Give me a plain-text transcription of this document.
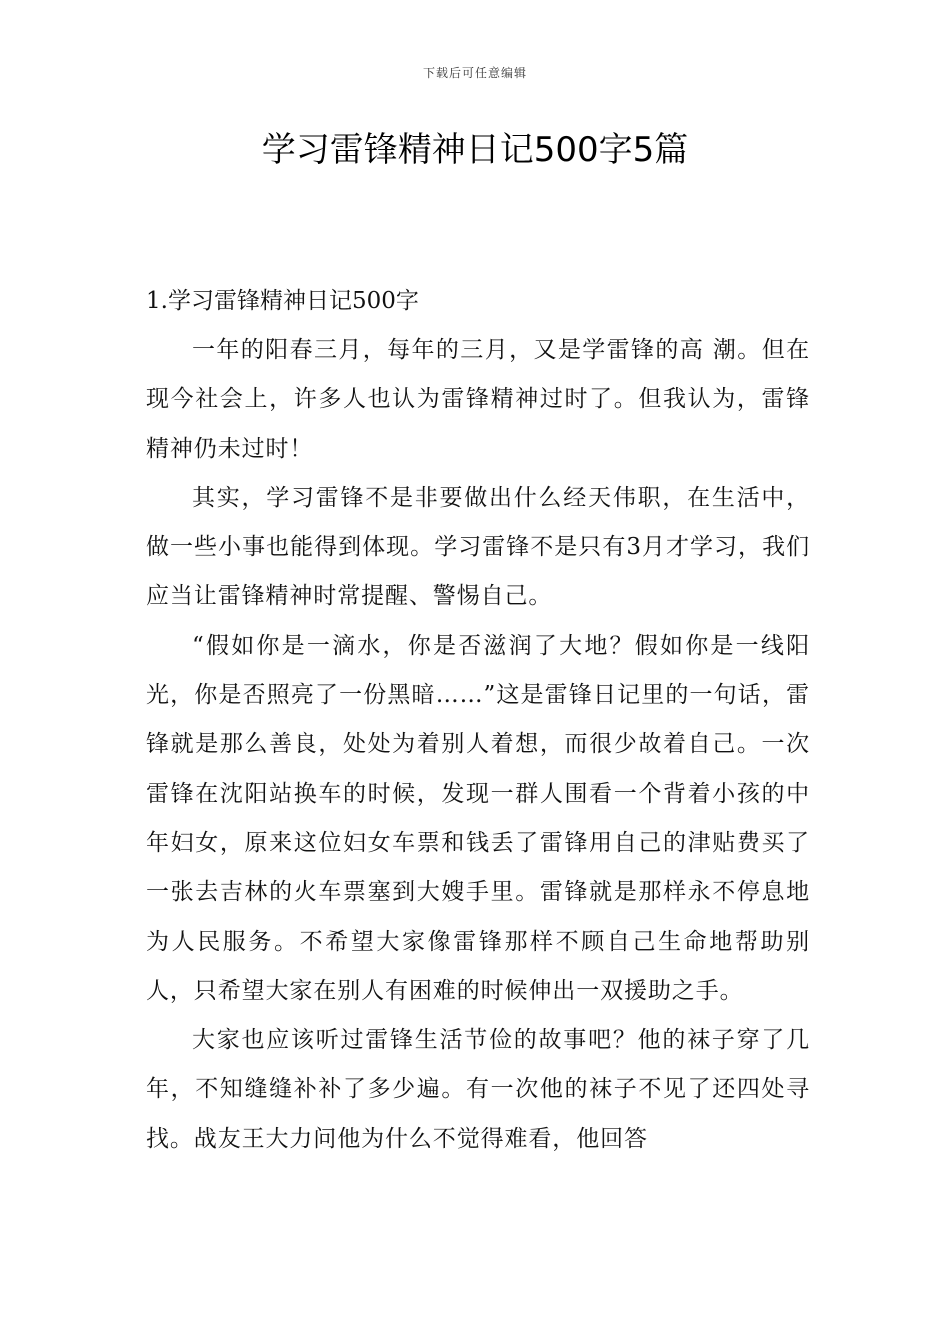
下载后可任意编辑
学习雷锋精神日记500字5篇
1.学习雷锋精神日记500字

一年的阳春三月，每年的三月，又是学雷锋的高 潮。但在现今社会上，许多人也认为雷锋精神过时了。但我认为，雷锋精神仍未过时！

其实，学习雷锋不是非要做出什么经天伟职，在生活中，做一些小事也能得到体现。学习雷锋不是只有3月才学习，我们应当让雷锋精神时常提醒、警惕自己。

“假如你是一滴水，你是否滋润了大地？假如你是一线阳光，你是否照亮了一份黑暗……”这是雷锋日记里的一句话，雷锋就是那么善良，处处为着别人着想，而很少故着自己。一次雷锋在沈阳站换车的时候，发现一群人围看一个背着小孩的中年妇女，原来这位妇女车票和钱丢了雷锋用自己的津贴费买了一张去吉林的火车票塞到大嫂手里。雷锋就是那样永不停息地为人民服务。不希望大家像雷锋那样不顾自己生命地帮助别人，只希望大家在别人有困难的时候伸出一双援助之手。

大家也应该听过雷锋生活节俭的故事吧？他的袜子穿了几年，不知缝缝补补了多少遍。有一次他的袜子不见了还四处寻找。战友王大力问他为什么不觉得难看，他回答
